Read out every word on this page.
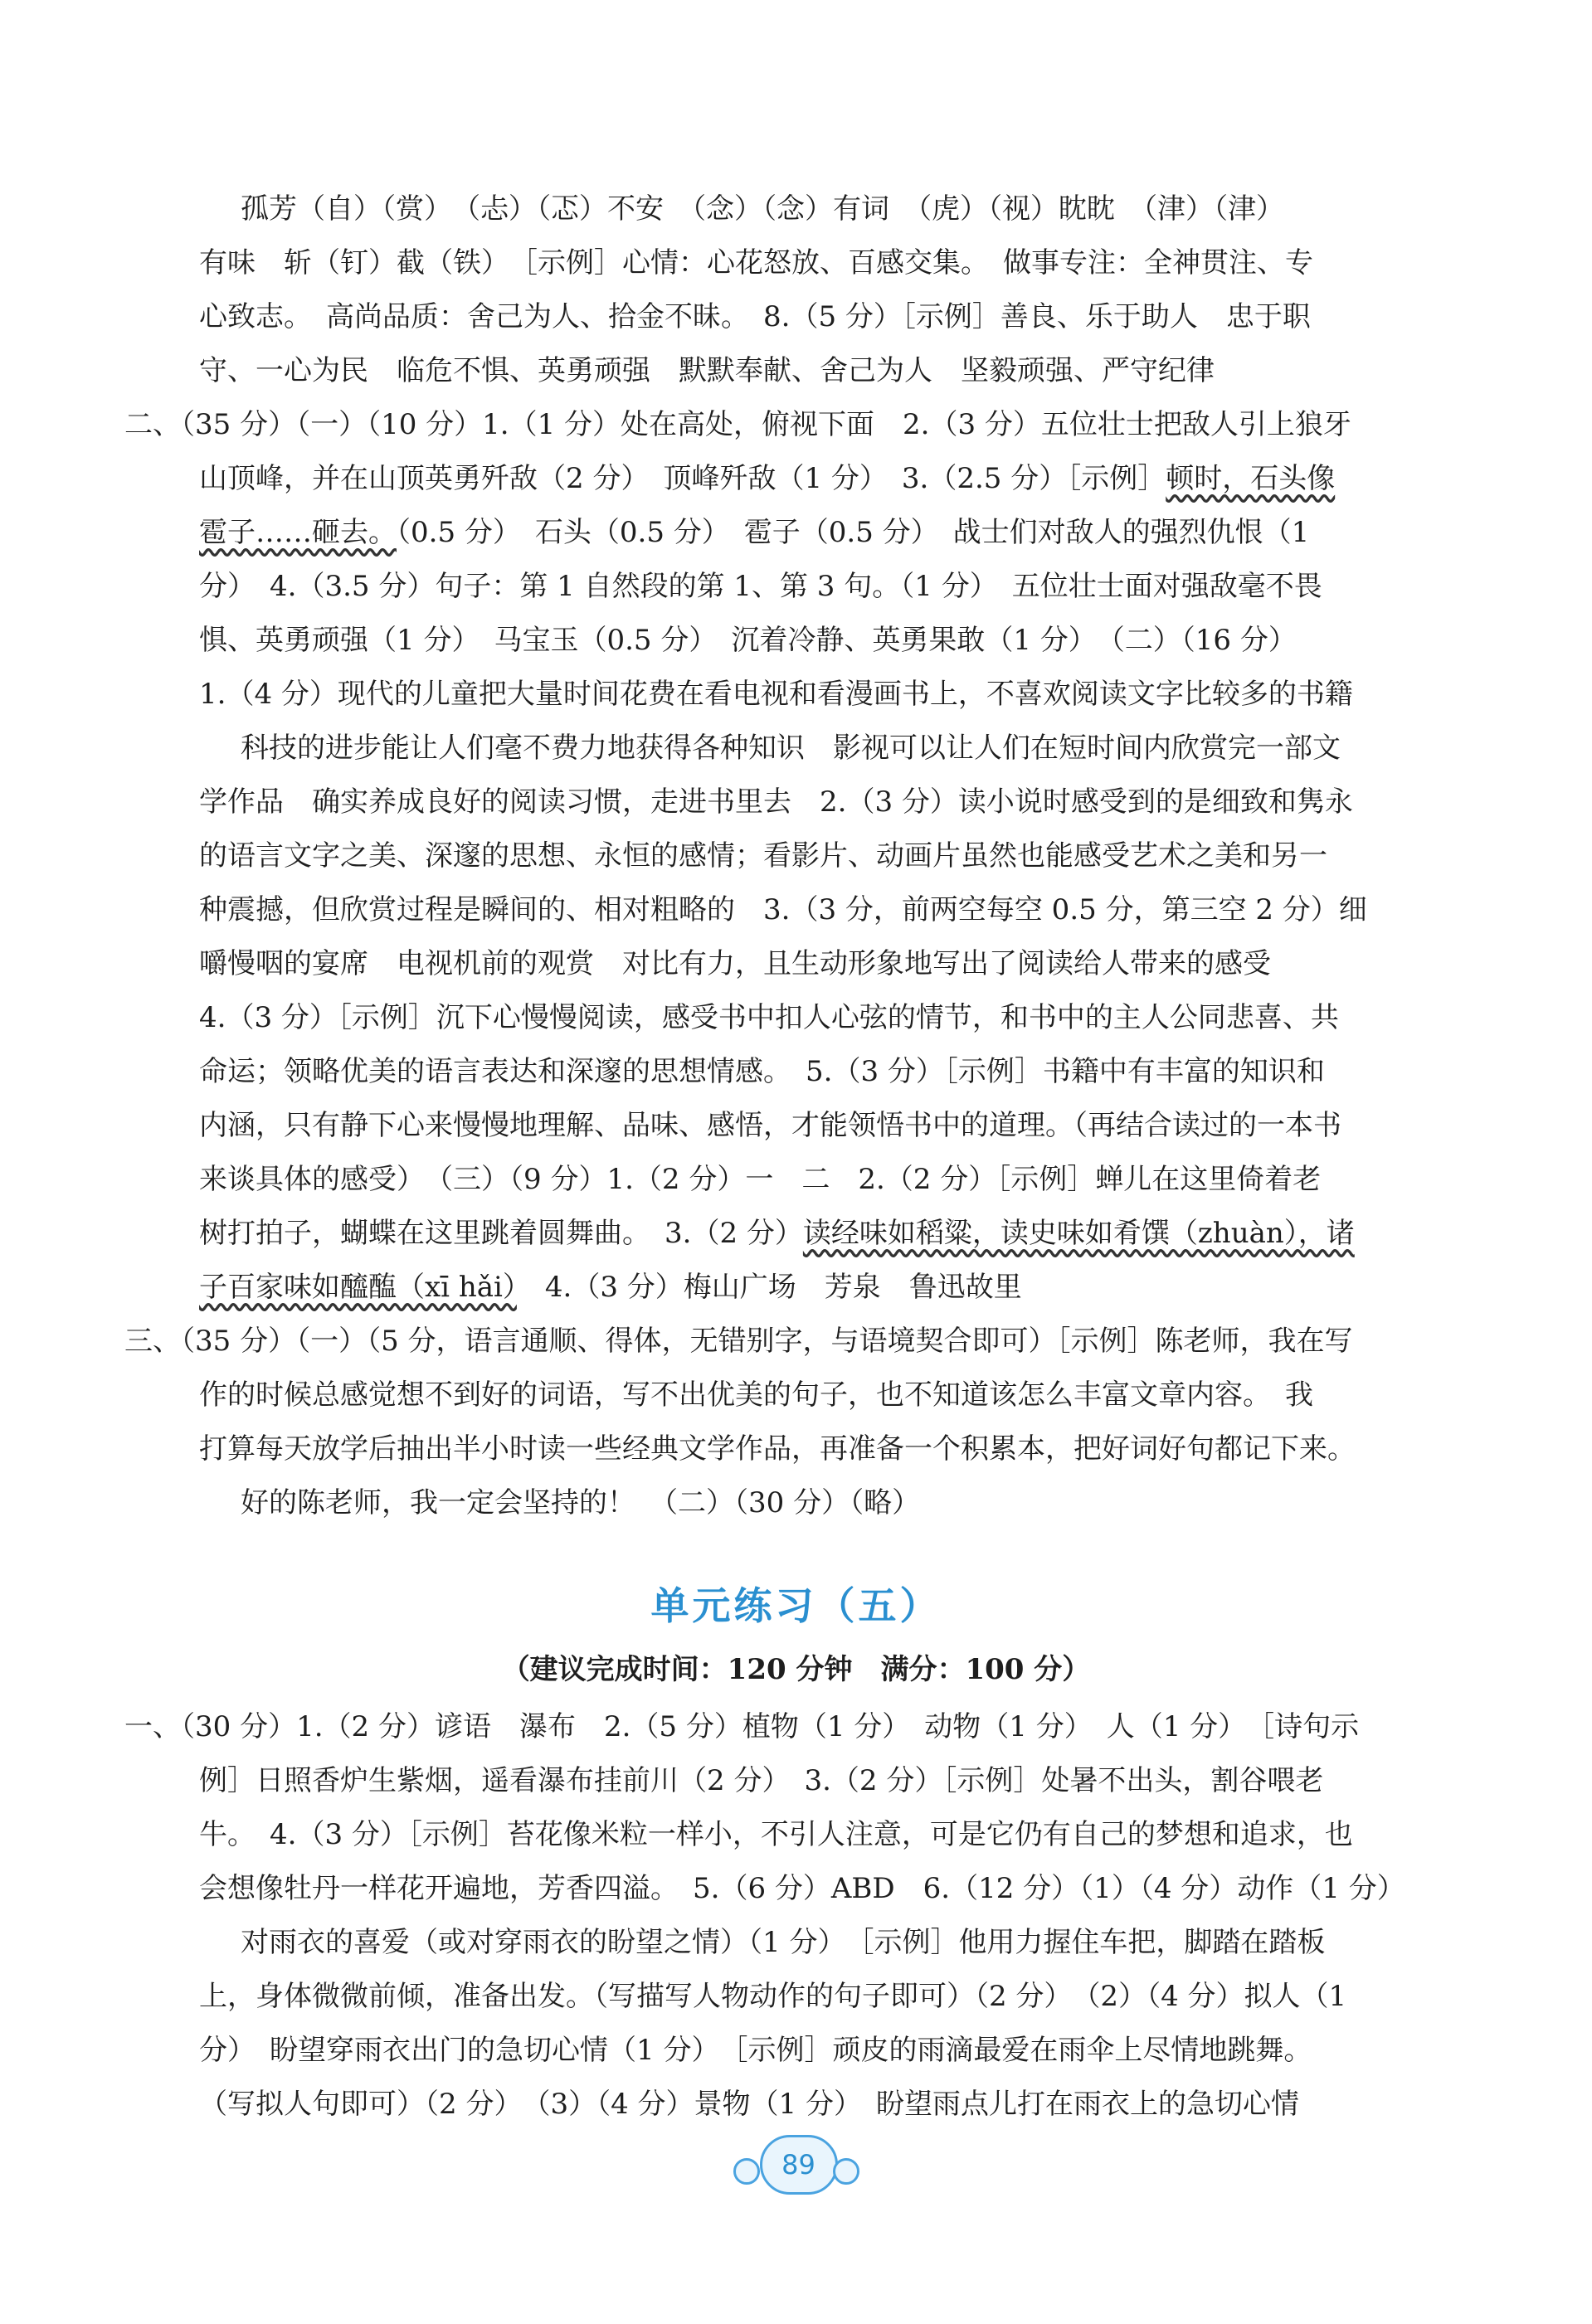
孤芳（自）（赏）　（忐）（忑）不安　（念）（念）有词　（虎）（视）眈眈　（津）（津）
有味　斩（钉）截（铁）　［示例］心情：心花怒放、百感交集。　做事专注：全神贯注、专
心致志。　高尚品质：舍己为人、拾金不昧。　8.（5 分）［示例］善良、乐于助人　忠于职
守、一心为民　临危不惧、英勇顽强　默默奉献、舍己为人　坚毅顽强、严守纪律
二、（35 分）（一）（10 分）1.（1 分）处在高处，俯视下面　2.（3 分）五位壮士把敌人引上狼牙
山顶峰，并在山顶英勇歼敌（2 分）　顶峰歼敌（1 分）　3.（2.5 分）［示例］顿时，石头像
雹子……砸去。（0.5 分）　石头（0.5 分）　雹子（0.5 分）　战士们对敌人的强烈仇恨（1
分）　4.（3.5 分）句子：第 1 自然段的第 1、第 3 句。（1 分）　五位壮士面对强敌毫不畏
惧、英勇顽强（1 分）　马宝玉（0.5 分）　沉着冷静、英勇果敢（1 分）　（二）（16 分）
1.（4 分）现代的儿童把大量时间花费在看电视和看漫画书上，不喜欢阅读文字比较多的书籍
科技的进步能让人们毫不费力地获得各种知识　影视可以让人们在短时间内欣赏完一部文
学作品　确实养成良好的阅读习惯，走进书里去　2.（3 分）读小说时感受到的是细致和隽永
的语言文字之美、深邃的思想、永恒的感情；看影片、动画片虽然也能感受艺术之美和另一
种震撼，但欣赏过程是瞬间的、相对粗略的　3.（3 分，前两空每空 0.5 分，第三空 2 分）细
嚼慢咽的宴席　电视机前的观赏　对比有力，且生动形象地写出了阅读给人带来的感受
4.（3 分）［示例］沉下心慢慢阅读，感受书中扣人心弦的情节，和书中的主人公同悲喜、共
命运；领略优美的语言表达和深邃的思想情感。　5.（3 分）［示例］书籍中有丰富的知识和
内涵，只有静下心来慢慢地理解、品味、感悟，才能领悟书中的道理。（再结合读过的一本书
来谈具体的感受）　（三）（9 分）1.（2 分）一　二　2.（2 分）［示例］蝉儿在这里倚着老
树打拍子，蝴蝶在这里跳着圆舞曲。　3.（2 分）读经味如稻粱，读史味如肴馔（zhuàn），诸
子百家味如醯醢（xī hǎi）　4.（3 分）梅山广场　芳泉　鲁迅故里
三、（35 分）（一）（5 分，语言通顺、得体，无错别字，与语境契合即可）［示例］陈老师，我在写
作的时候总感觉想不到好的词语，写不出优美的句子，也不知道该怎么丰富文章内容。　我
打算每天放学后抽出半小时读一些经典文学作品，再准备一个积累本，把好词好句都记下来。
好的陈老师，我一定会坚持的！　（二）（30 分）（略）
单元练习（五）
（建议完成时间：120 分钟　满分：100 分）
一、（30 分）1.（2 分）谚语　瀑布　2.（5 分）植物（1 分）　动物（1 分）　人（1 分）　［诗句示
例］日照香炉生紫烟，遥看瀑布挂前川（2 分）　3.（2 分）［示例］处暑不出头，割谷喂老
牛。　4.（3 分）［示例］苔花像米粒一样小，不引人注意，可是它仍有自己的梦想和追求，也
会想像牡丹一样花开遍地，芳香四溢。　5.（6 分）ABD　6.（12 分）（1）（4 分）动作（1 分）
对雨衣的喜爱（或对穿雨衣的盼望之情）（1 分）　［示例］他用力握住车把，脚踏在踏板
上，身体微微前倾，准备出发。（写描写人物动作的句子即可）（2 分）　（2）（4 分）拟人（1
分）　盼望穿雨衣出门的急切心情（1 分）　［示例］顽皮的雨滴最爱在雨伞上尽情地跳舞。
（写拟人句即可）（2 分）　（3）（4 分）景物（1 分）　盼望雨点儿打在雨衣上的急切心情
89
